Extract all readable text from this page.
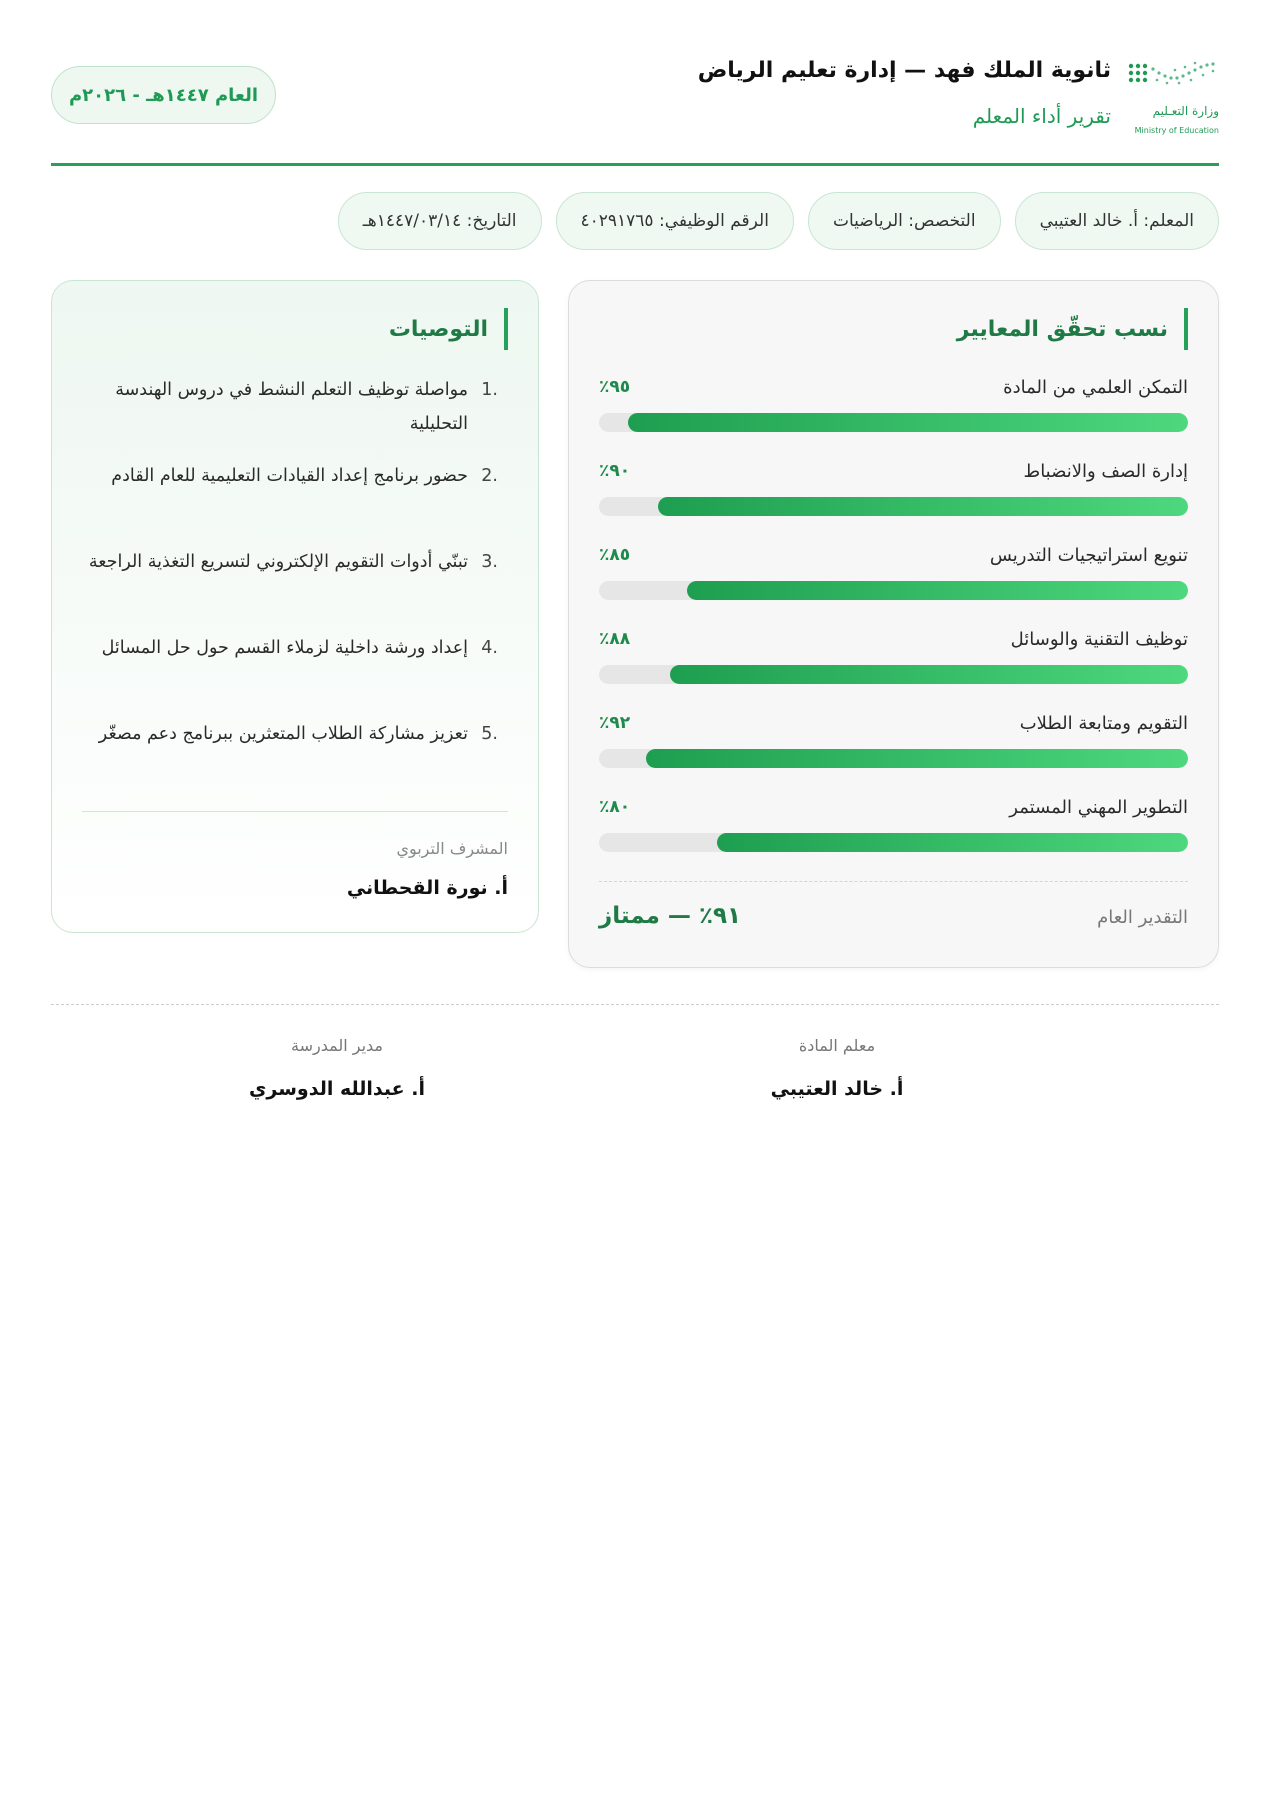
وزارة التعـليم
Ministry of Education
ثانوية الملك فهد — إدارة تعليم الرياض
تقرير أداء المعلم
العام ١٤٤٧هـ - ٢٠٢٦م
المعلم: أ. خالد العتيبي
التخصص: الرياضيات
الرقم الوظيفي: ٤٠٢٩١٧٦٥
التاريخ: ١٤٤٧/٠٣/١٤هـ
نسب تحقّق المعايير
التمكن العلمي من المادة
٩٥٪
إدارة الصف والانضباط
٩٠٪
تنويع استراتيجيات التدريس
٨٥٪
توظيف التقنية والوسائل
٨٨٪
التقويم ومتابعة الطلاب
٩٢٪
التطوير المهني المستمر
٨٠٪
التقدير العام
٩١٪ — ممتاز
التوصيات
1.
مواصلة توظيف التعلم النشط في دروس الهندسة التحليلية
2.
حضور برنامج إعداد القيادات التعليمية للعام القادم
3.
تبنّي أدوات التقويم الإلكتروني لتسريع التغذية الراجعة
4.
إعداد ورشة داخلية لزملاء القسم حول حل المسائل
5.
تعزيز مشاركة الطلاب المتعثرين ببرنامج دعم مصغّر
المشرف التربوي
أ. نورة القحطاني
معلم المادة
أ. خالد العتيبي
مدير المدرسة
أ. عبدالله الدوسري
